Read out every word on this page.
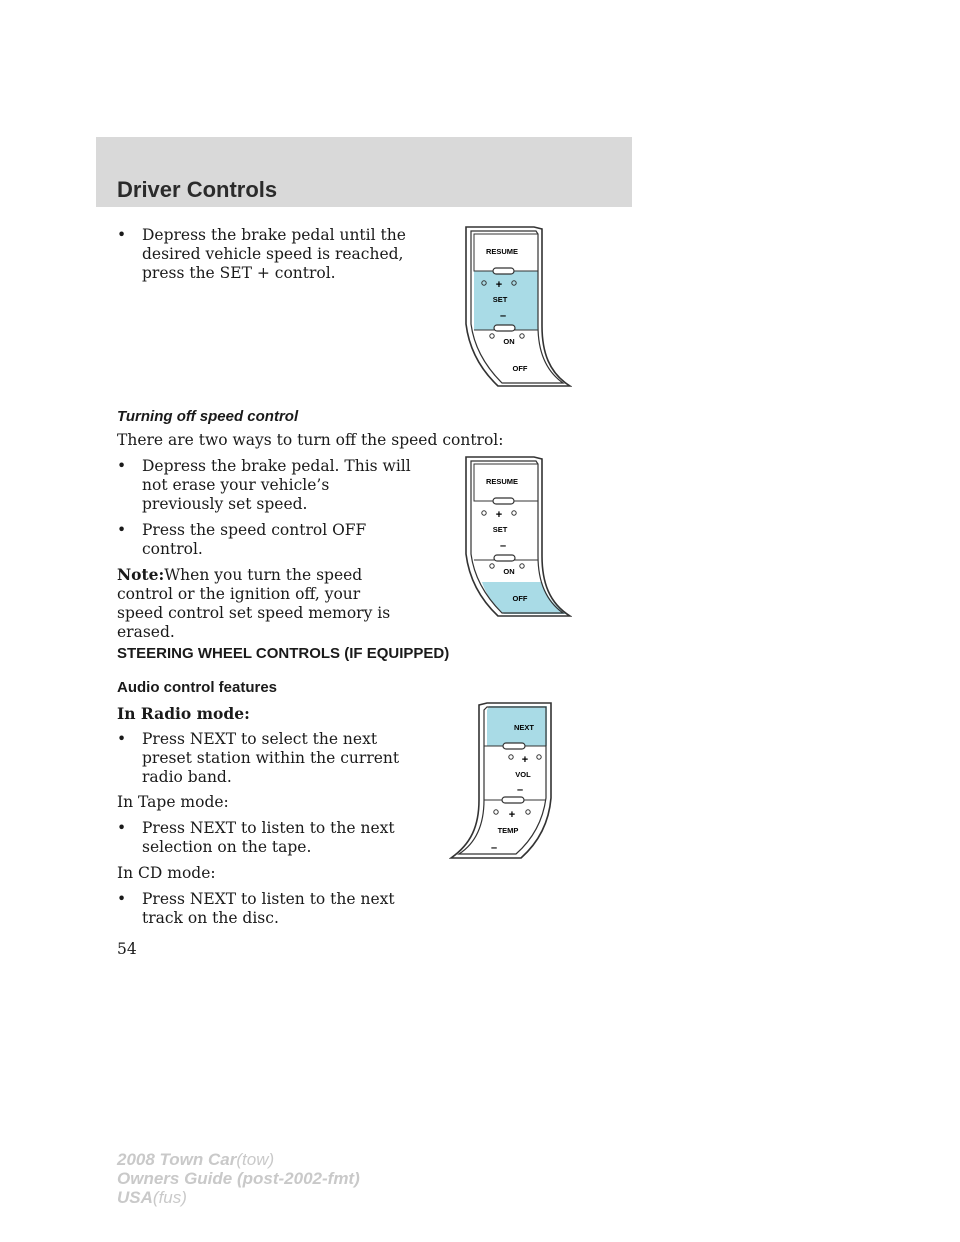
Driver Controls
• Depress the brake pedal until the
desired vehicle speed is reached,
press the SET + control.
RESUME
+
SET
–
ON
OFF
Turning off speed control
There are two ways to turn off the speed control:
• Depress the brake pedal. This will
not erase your vehicle’s
previously set speed.
• Press the speed control OFF
control.
Note:When you turn the speed
control or the ignition off, your
speed control set speed memory is
erased.
RESUME
+
SET
–
ON
OFF
STEERING WHEEL CONTROLS (IF EQUIPPED)
Audio control features
In Radio mode:
• Press NEXT to select the next
preset station within the current
radio band.
In Tape mode:
• Press NEXT to listen to the next
selection on the tape.
In CD mode:
• Press NEXT to listen to the next
track on the disc.
NEXT
+
VOL
–
+
TEMP
–
54
2008 Town Car(tow)
Owners Guide (post-2002-fmt)
USA(fus)
